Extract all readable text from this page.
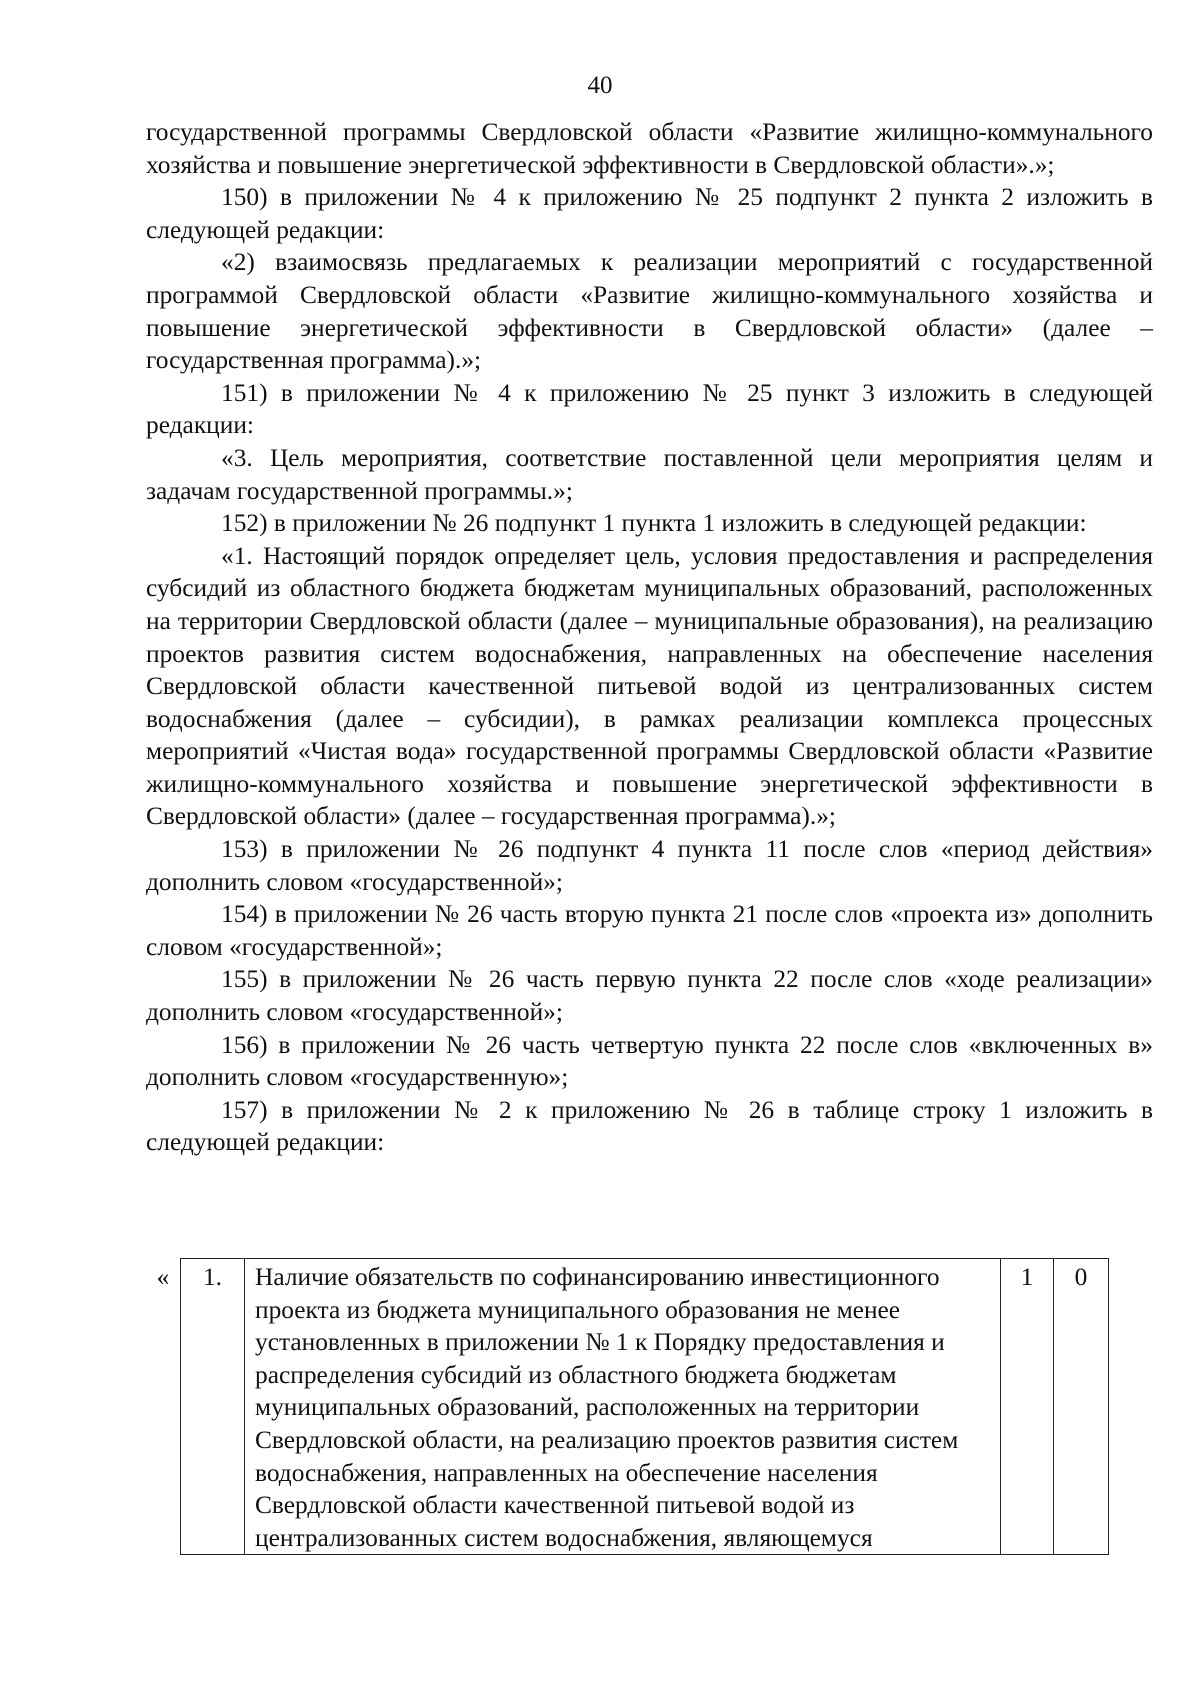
40

государственной программы Свердловской области «Развитие жилищно-коммунального хозяйства и повышение энергетической эффективности в Свердловской области».»;

150) в приложении № 4 к приложению № 25 подпункт 2 пункта 2 изложить в следующей редакции:

«2) взаимосвязь предлагаемых к реализации мероприятий с государственной программой Свердловской области «Развитие жилищно-коммунального хозяйства и повышение энергетической эффективности в Свердловской области» (далее – государственная программа).»;

151) в приложении № 4 к приложению № 25 пункт 3 изложить в следующей редакции:

«3. Цель мероприятия, соответствие поставленной цели мероприятия целям и задачам государственной программы.»;

152) в приложении № 26 подпункт 1 пункта 1 изложить в следующей редакции:

«1. Настоящий порядок определяет цель, условия предоставления и распределения субсидий из областного бюджета бюджетам муниципальных образований, расположенных на территории Свердловской области (далее – муниципальные образования), на реализацию проектов развития систем водоснабжения, направленных на обеспечение населения Свердловской области качественной питьевой водой из централизованных систем водоснабжения (далее – субсидии), в рамках реализации комплекса процессных мероприятий «Чистая вода» государственной программы Свердловской области «Развитие жилищно-коммунального хозяйства и повышение энергетической эффективности в Свердловской области» (далее – государственная программа).»;

153) в приложении № 26 подпункт 4 пункта 11 после слов «период действия» дополнить словом «государственной»;

154) в приложении № 26 часть вторую пункта 21 после слов «проекта из» дополнить словом «государственной»;

155) в приложении № 26 часть первую пункта 22 после слов «ходе реализации» дополнить словом «государственной»;

156) в приложении № 26 часть четвертую пункта 22 после слов «включенных в» дополнить словом «государственную»;

157) в приложении № 2 к приложению № 26 в таблице строку 1 изложить в следующей редакции:

«	1.	Наличие обязательств по софинансированию инвестиционного проекта из бюджета муниципального образования не менее установленных в приложении № 1 к Порядку предоставления и распределения субсидий из областного бюджета бюджетам муниципальных образований, расположенных на территории Свердловской области, на реализацию проектов развития систем водоснабжения, направленных на обеспечение населения Свердловской области качественной питьевой водой из централизованных систем водоснабжения, являющемуся	1	0
